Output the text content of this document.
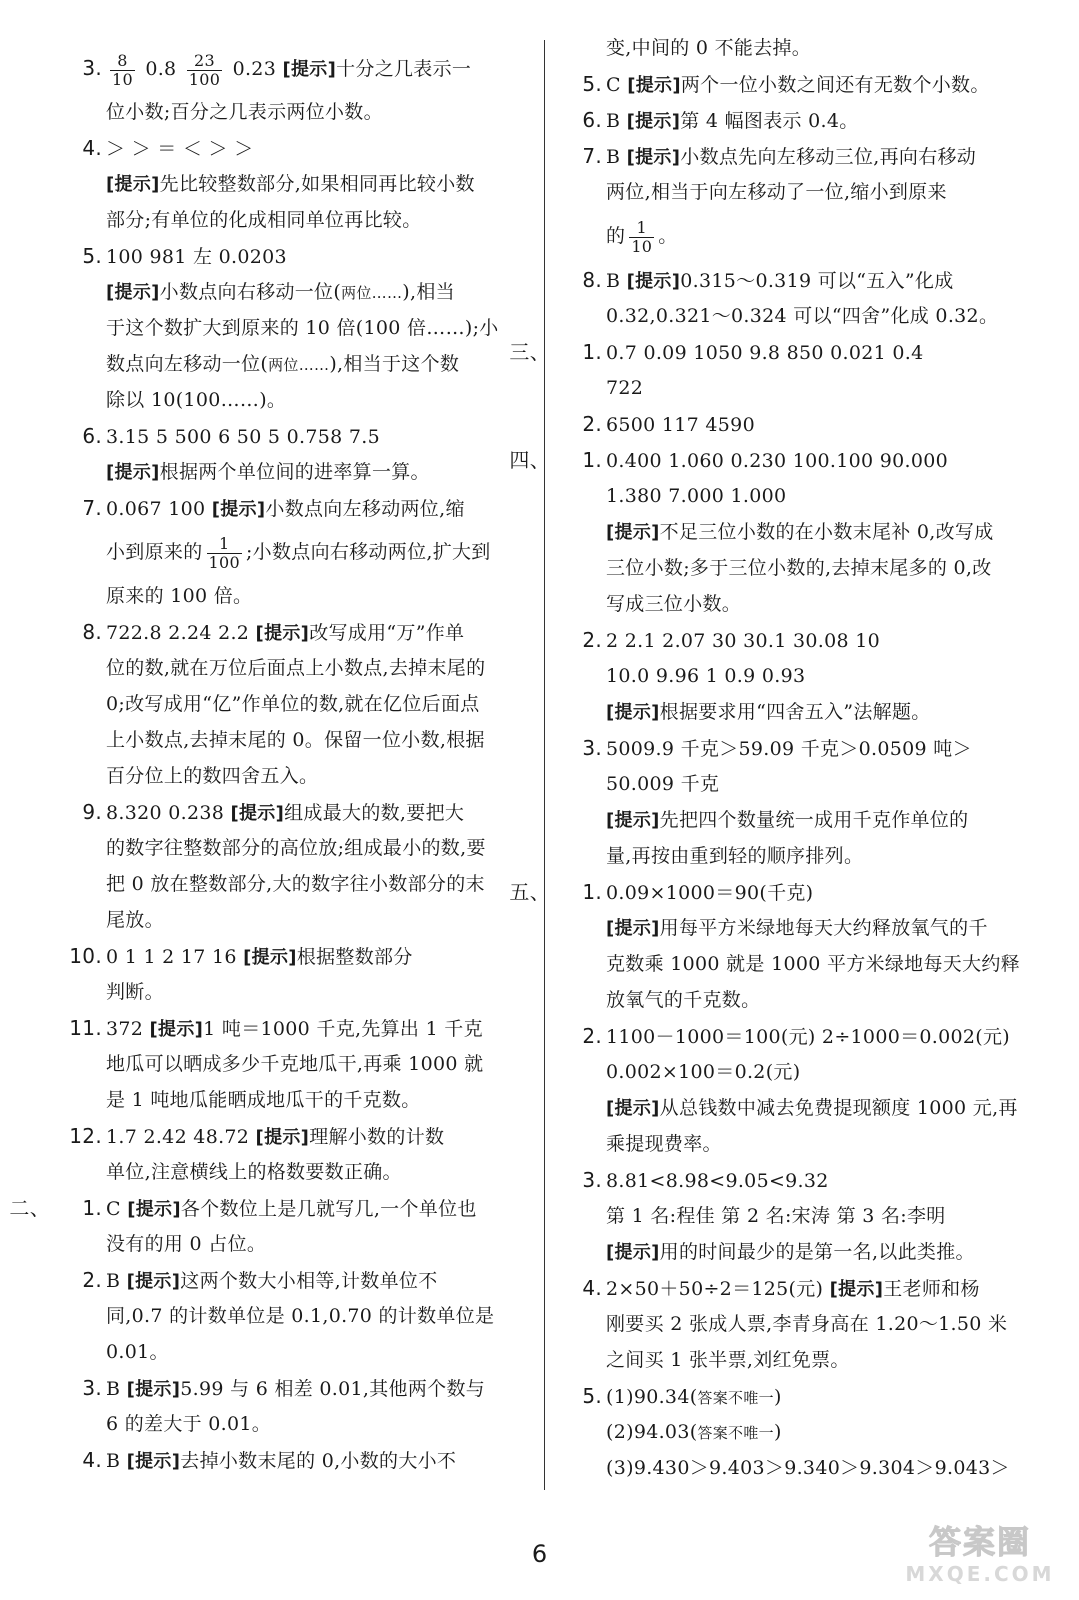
3. $\frac{8}{10} 0.8 \frac{23}{100} 0.23$ [提示]十分之几表示一
位小数;百分之几表示两位小数。
4. ＞ ＞ ＝ ＜ ＞ ＞
[提示]先比较整数部分,如果相同再比较小数
部分;有单位的化成相同单位再比较。
5. 100 981 左 0.0203
[提示]小数点向右移动一位(两位……),相当
于这个数扩大到原来的 10 倍(100 倍……);小
数点向左移动一位(两位……),相当于这个数
除以 10(100……)。
6. 3.15 5 500 6 50 5 0.758 7.5
[提示]根据两个单位间的进率算一算。
7. 0.067 100 [提示]小数点向左移动两位,缩
小到原来的 $\frac{1}{100}$ ;小数点向右移动两位,扩大到
原来的 100 倍。
8. 722.8 2.24 2.2 [提示]改写成用“万”作单
位的数,就在万位后面点上小数点,去掉末尾的
0;改写成用“亿”作单位的数,就在亿位后面点
上小数点,去掉末尾的 0。保留一位小数,根据
百分位上的数四舍五入。
9. 8.320 0.238 [提示]组成最大的数,要把大
的数字往整数部分的高位放;组成最小的数,要
把 0 放在整数部分,大的数字往小数部分的末
尾放。
10. 0 1 1 2 17 16 [提示]根据整数部分
判断。
11. 372 [提示]1 吨＝1000 千克,先算出 1 千克
地瓜可以晒成多少千克地瓜干,再乘 1000 就
是 1 吨地瓜能晒成地瓜干的千克数。
12. 1.7 2.42 48.72 [提示]理解小数的计数
单位,注意横线上的格数要数正确。
二、 1. C [提示]各个数位上是几就写几,一个单位也
没有的用 0 占位。
2. B [提示]这两个数大小相等,计数单位不
同,0.7 的计数单位是 0.1,0.70 的计数单位是
0.01。
3. B [提示]5.99 与 6 相差 0.01,其他两个数与
6 的差大于 0.01。
4. B [提示]去掉小数末尾的 0,小数的大小不
变,中间的 0 不能去掉。
5. C [提示]两个一位小数之间还有无数个小数。
6. B [提示]第 4 幅图表示 0.4。
7. B [提示]小数点先向左移动三位,再向右移动
两位,相当于向左移动了一位,缩小到原来
的 $\frac{1}{10}$ 。
8. B [提示]0.315～0.319 可以“五入”化成
0.32,0.321～0.324 可以“四舍”化成 0.32。
三、 1. 0.7 0.09 1050 9.8 850 0.021 0.4
722
2. 6500 117 4590
四、 1. 0.400 1.060 0.230 100.100 90.000
1.380 7.000 1.000
[提示]不足三位小数的在小数末尾补 0,改写成
三位小数;多于三位小数的,去掉末尾多的 0,改
写成三位小数。
2. 2 2.1 2.07 30 30.1 30.08 10
10.0 9.96 1 0.9 0.93
[提示]根据要求用“四舍五入”法解题。
3. 5009.9 千克＞59.09 千克＞0.0509 吨＞
50.009 千克
[提示]先把四个数量统一成用千克作单位的
量,再按由重到轻的顺序排列。
五、 1. 0.09×1000＝90(千克)
[提示]用每平方米绿地每天大约释放氧气的千
克数乘 1000 就是 1000 平方米绿地每天大约释
放氧气的千克数。
2. 1100－1000＝100(元) 2÷1000＝0.002(元)
0.002×100＝0.2(元)
[提示]从总钱数中减去免费提现额度 1000 元,再
乘提现费率。
3. 8.81<8.98<9.05<9.32
第 1 名:程佳 第 2 名:宋涛 第 3 名:李明
[提示]用的时间最少的是第一名,以此类推。
4. 2×50＋50÷2＝125(元) [提示]王老师和杨
刚要买 2 张成人票,李青身高在 1.20～1.50 米
之间买 1 张半票,刘红免票。
5. (1)90.34(答案不唯一)
(2)94.03(答案不唯一)
(3)9.430＞9.403＞9.340＞9.304＞9.043＞
6	答案圈
MXQE.COM
